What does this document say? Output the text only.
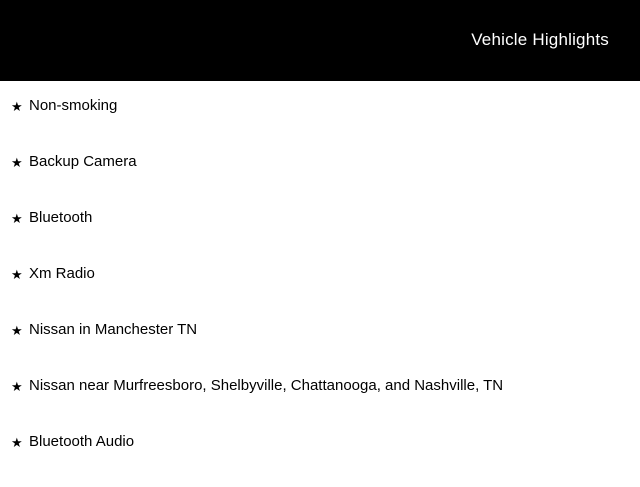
Vehicle Highlights
★ Non-smoking
★ Backup Camera
★ Bluetooth
★ Xm Radio
★ Nissan in Manchester TN
★ Nissan near Murfreesboro, Shelbyville, Chattanooga, and Nashville, TN
★ Bluetooth Audio
